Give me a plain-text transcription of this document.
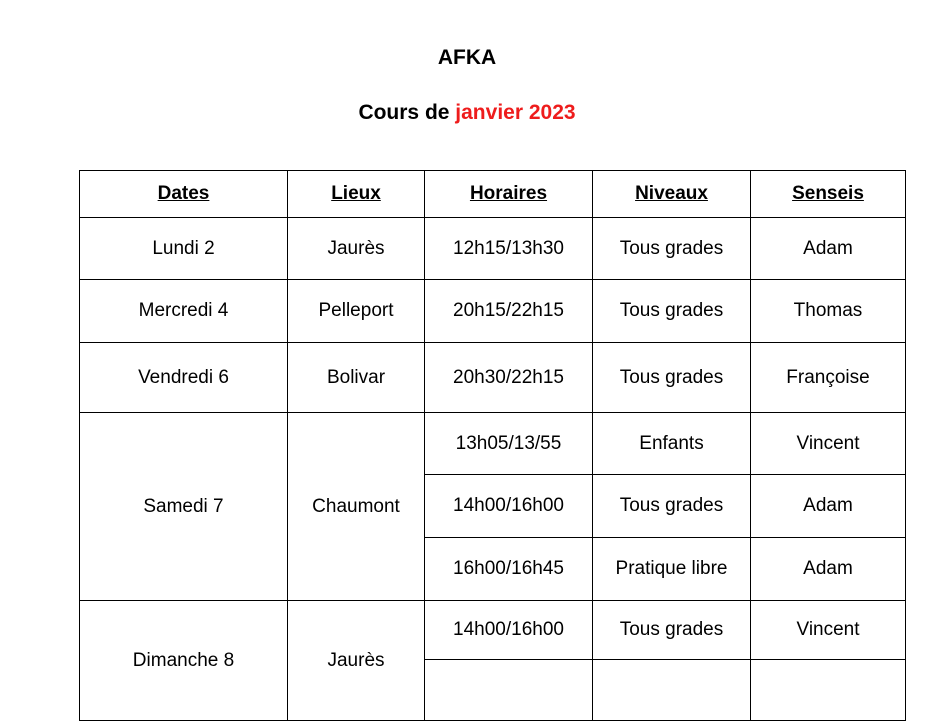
AFKA
Cours de janvier 2023
Dates	Lieux	Horaires	Niveaux	Senseis
Lundi 2	Jaurès	12h15/13h30	Tous grades	Adam
Mercredi 4	Pelleport	20h15/22h15	Tous grades	Thomas
Vendredi 6	Bolivar	20h30/22h15	Tous grades	Françoise
Samedi 7	Chaumont	13h05/13/55	Enfants	Vincent
		14h00/16h00	Tous grades	Adam
		16h00/16h45	Pratique libre	Adam
Dimanche 8	Jaurès	14h00/16h00	Tous grades	Vincent
